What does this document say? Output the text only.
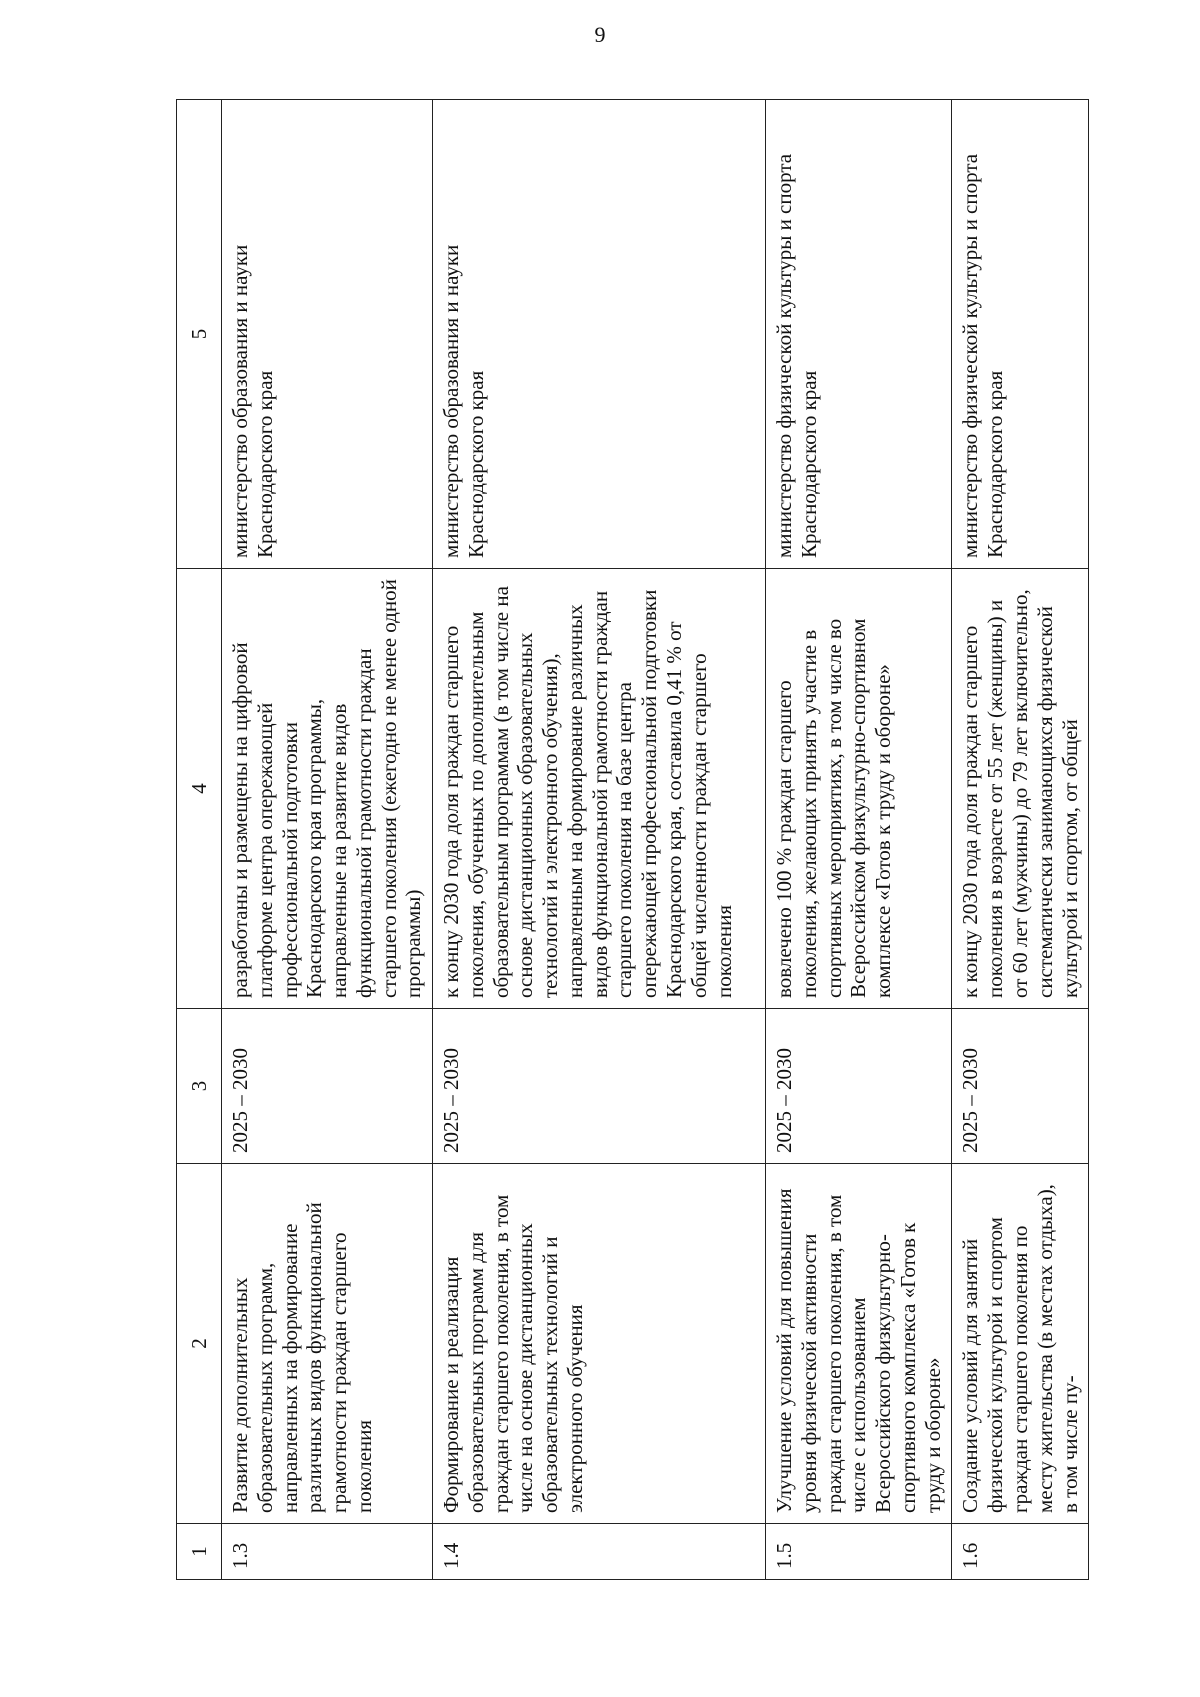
9
1	2	3	4	5
1.3	Развитие дополнительных образовательных программ, направленных на формирование различных видов функциональной грамотности граждан старшего поколения	2025 – 2030	разработаны и размещены на цифровой платформе центра опережающей профессиональной подготовки Краснодарского края программы, направленные на развитие видов функциональной грамотности граждан старшего поколения (ежегодно не менее одной программы)	министерство образования и науки Краснодарского края
1.4	Формирование и реализация образовательных программ для граждан старшего поколения, в том числе на основе дистанционных образовательных технологий и электронного обучения	2025 – 2030	к концу 2030 года доля граждан старшего поколения, обученных по дополнительным образовательным программам (в том числе на основе дистанционных образовательных технологий и электронного обучения), направленным на формирование различных видов функциональной грамотности граждан старшего поколения на базе центра опережающей профессиональной подготовки Краснодарского края, составила 0,41 % от общей численности граждан старшего поколения	министерство образования и науки Краснодарского края
1.5	Улучшение условий для повышения уровня физической активности граждан старшего поколения, в том числе с использованием Всероссийского физкультурно-спортивного комплекса «Готов к труду и обороне»	2025 – 2030	вовлечено 100 % граждан старшего поколения, желающих принять участие в спортивных мероприятиях, в том числе во Всероссийском физкультурно-спортивном комплексе «Готов к труду и обороне»	министерство физической культуры и спорта Краснодарского края
1.6	Создание условий для занятий физической культурой и спортом граждан старшего поколения по месту жительства (в местах отдыха), в том числе пу-	2025 – 2030	к концу 2030 года доля граждан старшего поколения в возрасте от 55 лет (женщины) и от 60 лет (мужчины) до 79 лет включительно, систематически занимающихся физической культурой и спортом, от общей	министерство физической культуры и спорта Краснодарского края
